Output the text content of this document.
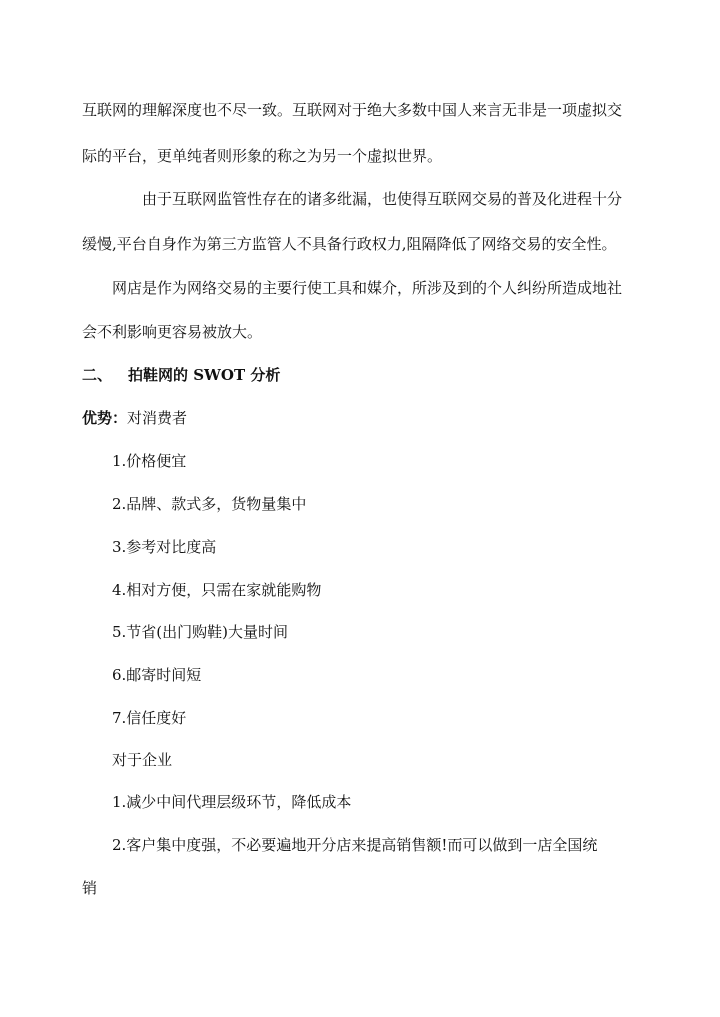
互联网的理解深度也不尽一致。互联网对于绝大多数中国人来言无非是一项虚拟交
际的平台，更单纯者则形象的称之为另一个虚拟世界。
由于互联网监管性存在的诸多纰漏，也使得互联网交易的普及化进程十分
缓慢,平台自身作为第三方监管人不具备行政权力,阻隔降低了网络交易的安全性。
网店是作为网络交易的主要行使工具和媒介，所涉及到的个人纠纷所造成地社
会不利影响更容易被放大。
二、 拍鞋网的 SWOT 分析
优势：对消费者
1.价格便宜
2.品牌、款式多，货物量集中
3.参考对比度高
4.相对方便，只需在家就能购物
5.节省(出门购鞋)大量时间
6.邮寄时间短
7.信任度好
对于企业
1.减少中间代理层级环节，降低成本
2.客户集中度强，不必要遍地开分店来提高销售额!而可以做到一店全国统
销
